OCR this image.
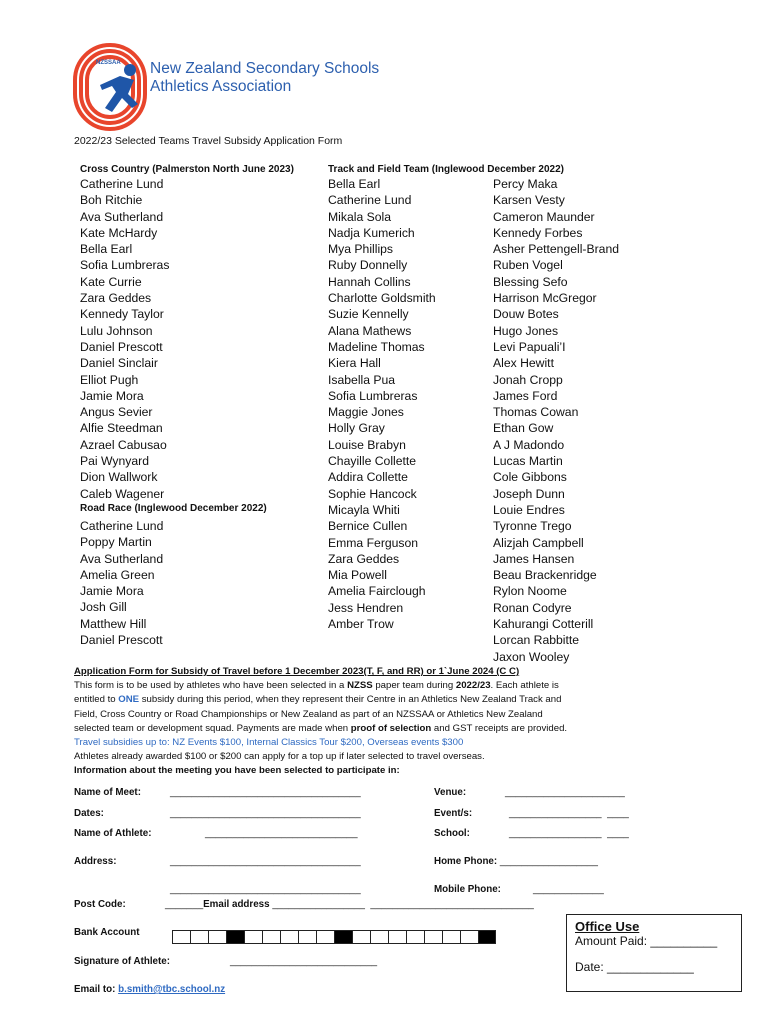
NZSSAA New Zealand Secondary Schools
Athletics Association
2022/23 Selected Teams Travel Subsidy Application Form
Cross Country (Palmerston North June 2023)	Track and Field Team (Inglewood December 2022)
Catherine Lund
Boh Ritchie
Ava Sutherland
Kate McHardy
Bella Earl
Sofia Lumbreras
Kate Currie
Zara Geddes
Kennedy Taylor
Lulu Johnson
Daniel Prescott
Daniel Sinclair
Elliot Pugh
Jamie Mora
Angus Sevier
Alfie Steedman
Azrael Cabusao
Pai Wynyard
Dion Wallwork
Caleb Wagener
Road Race (Inglewood December 2022)
Catherine Lund
Poppy Martin
Ava Sutherland
Amelia Green
Jamie Mora
Josh Gill
Matthew Hill
Daniel Prescott
Bella Earl
Catherine Lund
Mikala Sola
Nadja Kumerich
Mya Phillips
Ruby Donnelly
Hannah Collins
Charlotte Goldsmith
Suzie Kennelly
Alana Mathews
Madeline Thomas
Kiera Hall
Isabella Pua
Sofia Lumbreras
Maggie Jones
Holly Gray
Louise Brabyn
Chayille Collette
Addira Collette
Sophie Hancock
Micayla Whiti
Bernice Cullen
Emma Ferguson
Zara Geddes
Mia Powell
Amelia Fairclough
Jess Hendren
Amber Trow
Percy Maka
Karsen Vesty
Cameron Maunder
Kennedy Forbes
Asher Pettengell-Brand
Ruben Vogel
Blessing Sefo
Harrison McGregor
Douw Botes
Hugo Jones
Levi Papuali’I
Alex Hewitt
Jonah Cropp
James Ford
Thomas Cowan
Ethan Gow
A J Madondo
Lucas Martin
Cole Gibbons
Joseph Dunn
Louie Endres
Tyronne Trego
Alizjah Campbell
James Hansen
Beau Brackenridge
Rylon Noome
Ronan Codyre
Kahurangi Cotterill
Lorcan Rabbitte
Jaxon Wooley
Application Form for Subsidy of Travel before 1 December 2023(T, F, and RR) or 1`June 2024 (C C)
This form is to be used by athletes who have been selected in a NZSS paper team during 2022/23. Each athlete is
entitled to ONE subsidy during this period, when they represent their Centre in an Athletics New Zealand Track and
Field, Cross Country or Road Championships or New Zealand as part of an NZSSAA or Athletics New Zealand
selected team or development squad. Payments are made when proof of selection and GST receipts are provided.
Travel subsidies up to: NZ Events $100, Internal Classics Tour $200, Overseas events $300
Athletes already awarded $100 or $200 can apply for a top up if later selected to travel overseas.
Information about the meeting you have been selected to participate in:
Name of Meet:	___________________________________	Venue:	______________________
Dates:	___________________________________	Event/s:	_________________  ____
Name of Athlete:	____________________________	School:	_________________  ____
Address:	___________________________________	Home Phone: __________________
___________________________________	Mobile Phone:	_____________
Post Code:	_______Email address _________________  ______________________________
Bank Account
Signature of Athlete:	___________________________
Email to: b.smith@tbc.school.nz
Office Use
Amount Paid: __________
Date: _____________
